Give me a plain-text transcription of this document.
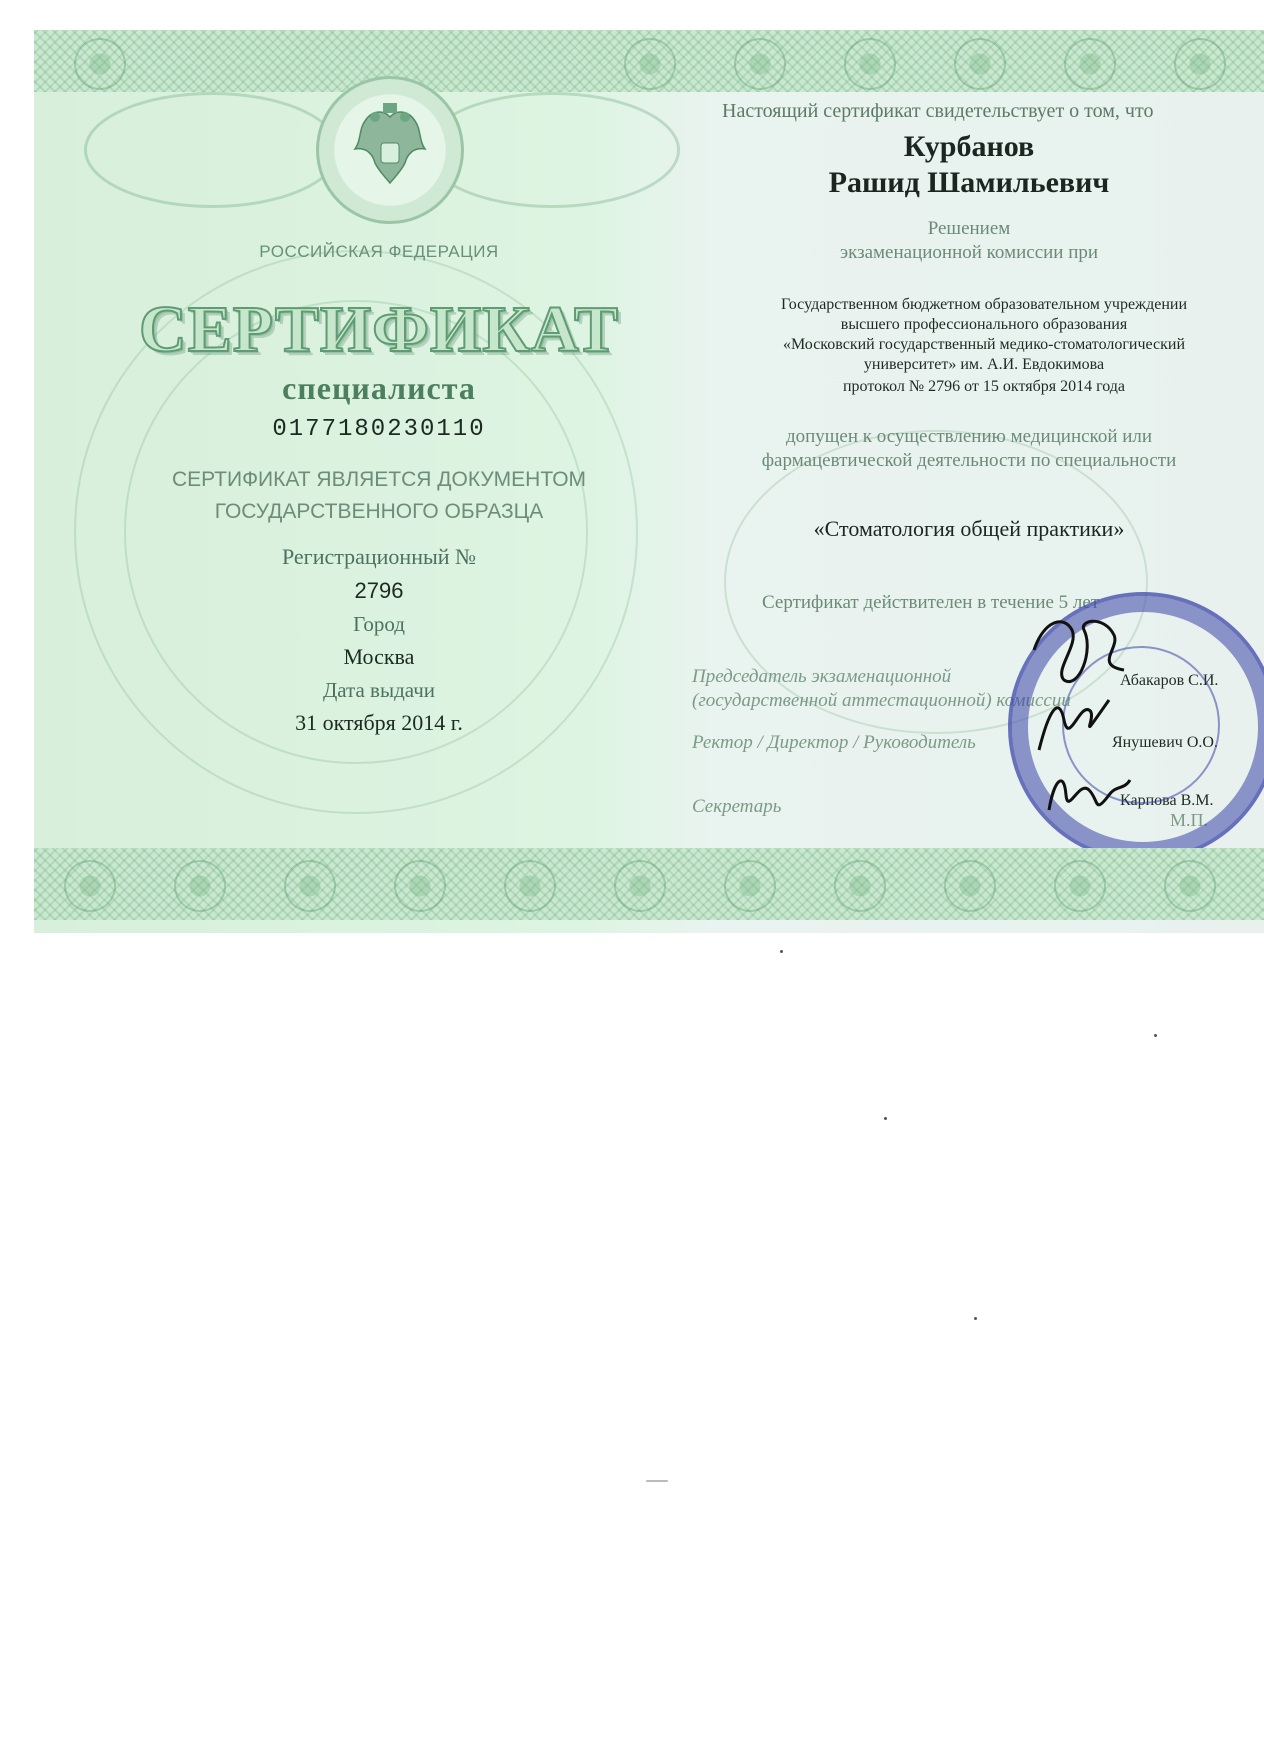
РОССИЙСКАЯ ФЕДЕРАЦИЯ
СЕРТИФИКАТ
специалиста
0177180230110
СЕРТИФИКАТ ЯВЛЯЕТСЯ ДОКУМЕНТОМ
ГОСУДАРСТВЕННОГО ОБРАЗЦА
Регистрационный №
2796
Город
Москва
Дата выдачи
31 октября 2014 г.
Настоящий сертификат свидетельствует о том, что
Курбанов
Рашид Шамильевич
Решением
экзаменационной комиссии при
Государственном бюджетном образовательном учреждении
высшего профессионального образования
«Московский государственный медико-стоматологический
университет» им. А.И. Евдокимова
протокол № 2796 от 15 октября 2014 года
допущен к осуществлению медицинской или
фармацевтической деятельности по специальности
«Стоматология общей практики»
Сертификат действителен в течение 5 лет
Председатель экзаменационной
(государственной аттестационной) комиссии
Абакаров С.И.
Ректор / Директор / Руководитель	Янушевич О.О.
Секретарь	Карпова В.М.
М.П.
